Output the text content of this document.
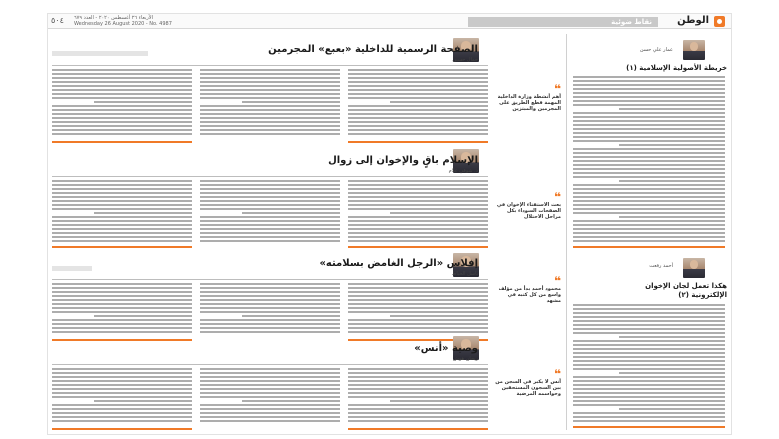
٥٠٤ الأربعاء ٢٦ أغسطس ٢٠٢٠ - العدد ٦٧٩
Wednesday 26 August 2020 - No. 4987	نقاط ضوئية	الوطن
الصفحة الرسمية للداخلية «بعبع» المجرمين
جمال حسين
❝
أهم أنشطة وزارة الداخلية المهمة قطع الطريق على المجرمين والمبتزين
الإسلام باقٍ والإخوان إلى زوال
د. شوقي علام
❝
بعث الاستفتاء الإخوان في الصفحات السوداء بكل مراحل الاحتلال
إفلاس «الرجل الغامض بسلامته»
باسل الخياط	❝
محمود أحمد بدأ من مؤلف واسع من كل كتبه في مشهد
وصية «أنس»
ريحان هوش
❝
أنس لا يكبر في السجن من بين السجون المستحقين وحواسمه المرضية
عمار علي حسن
خريطة الأصولية الإسلامية (١)
أحمد رفعت
هكذا تعمل لجان الإخوان الإلكترونية (٢)
